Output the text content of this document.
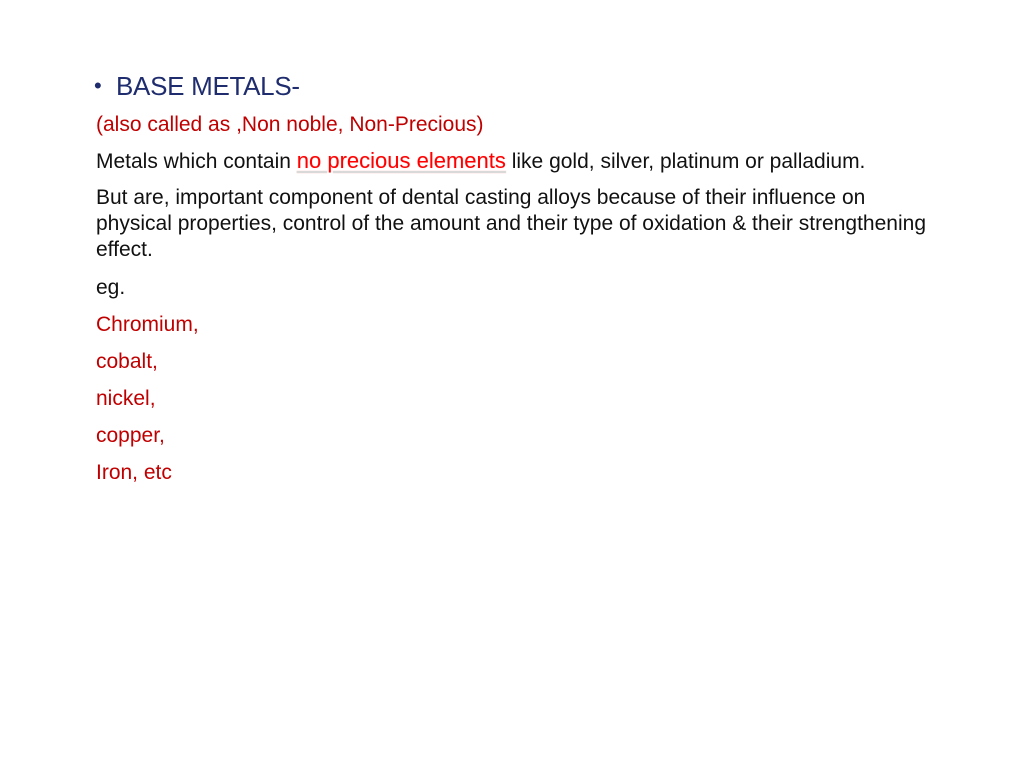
• BASE METALS-
(also called as ,Non noble, Non-Precious)
Metals which contain no precious elements like gold, silver, platinum or palladium.
But are, important component of dental casting alloys because of their influence on physical properties, control of the amount and their type of oxidation & their strengthening effect.
eg.
Chromium,
cobalt,
nickel,
copper,
Iron, etc
